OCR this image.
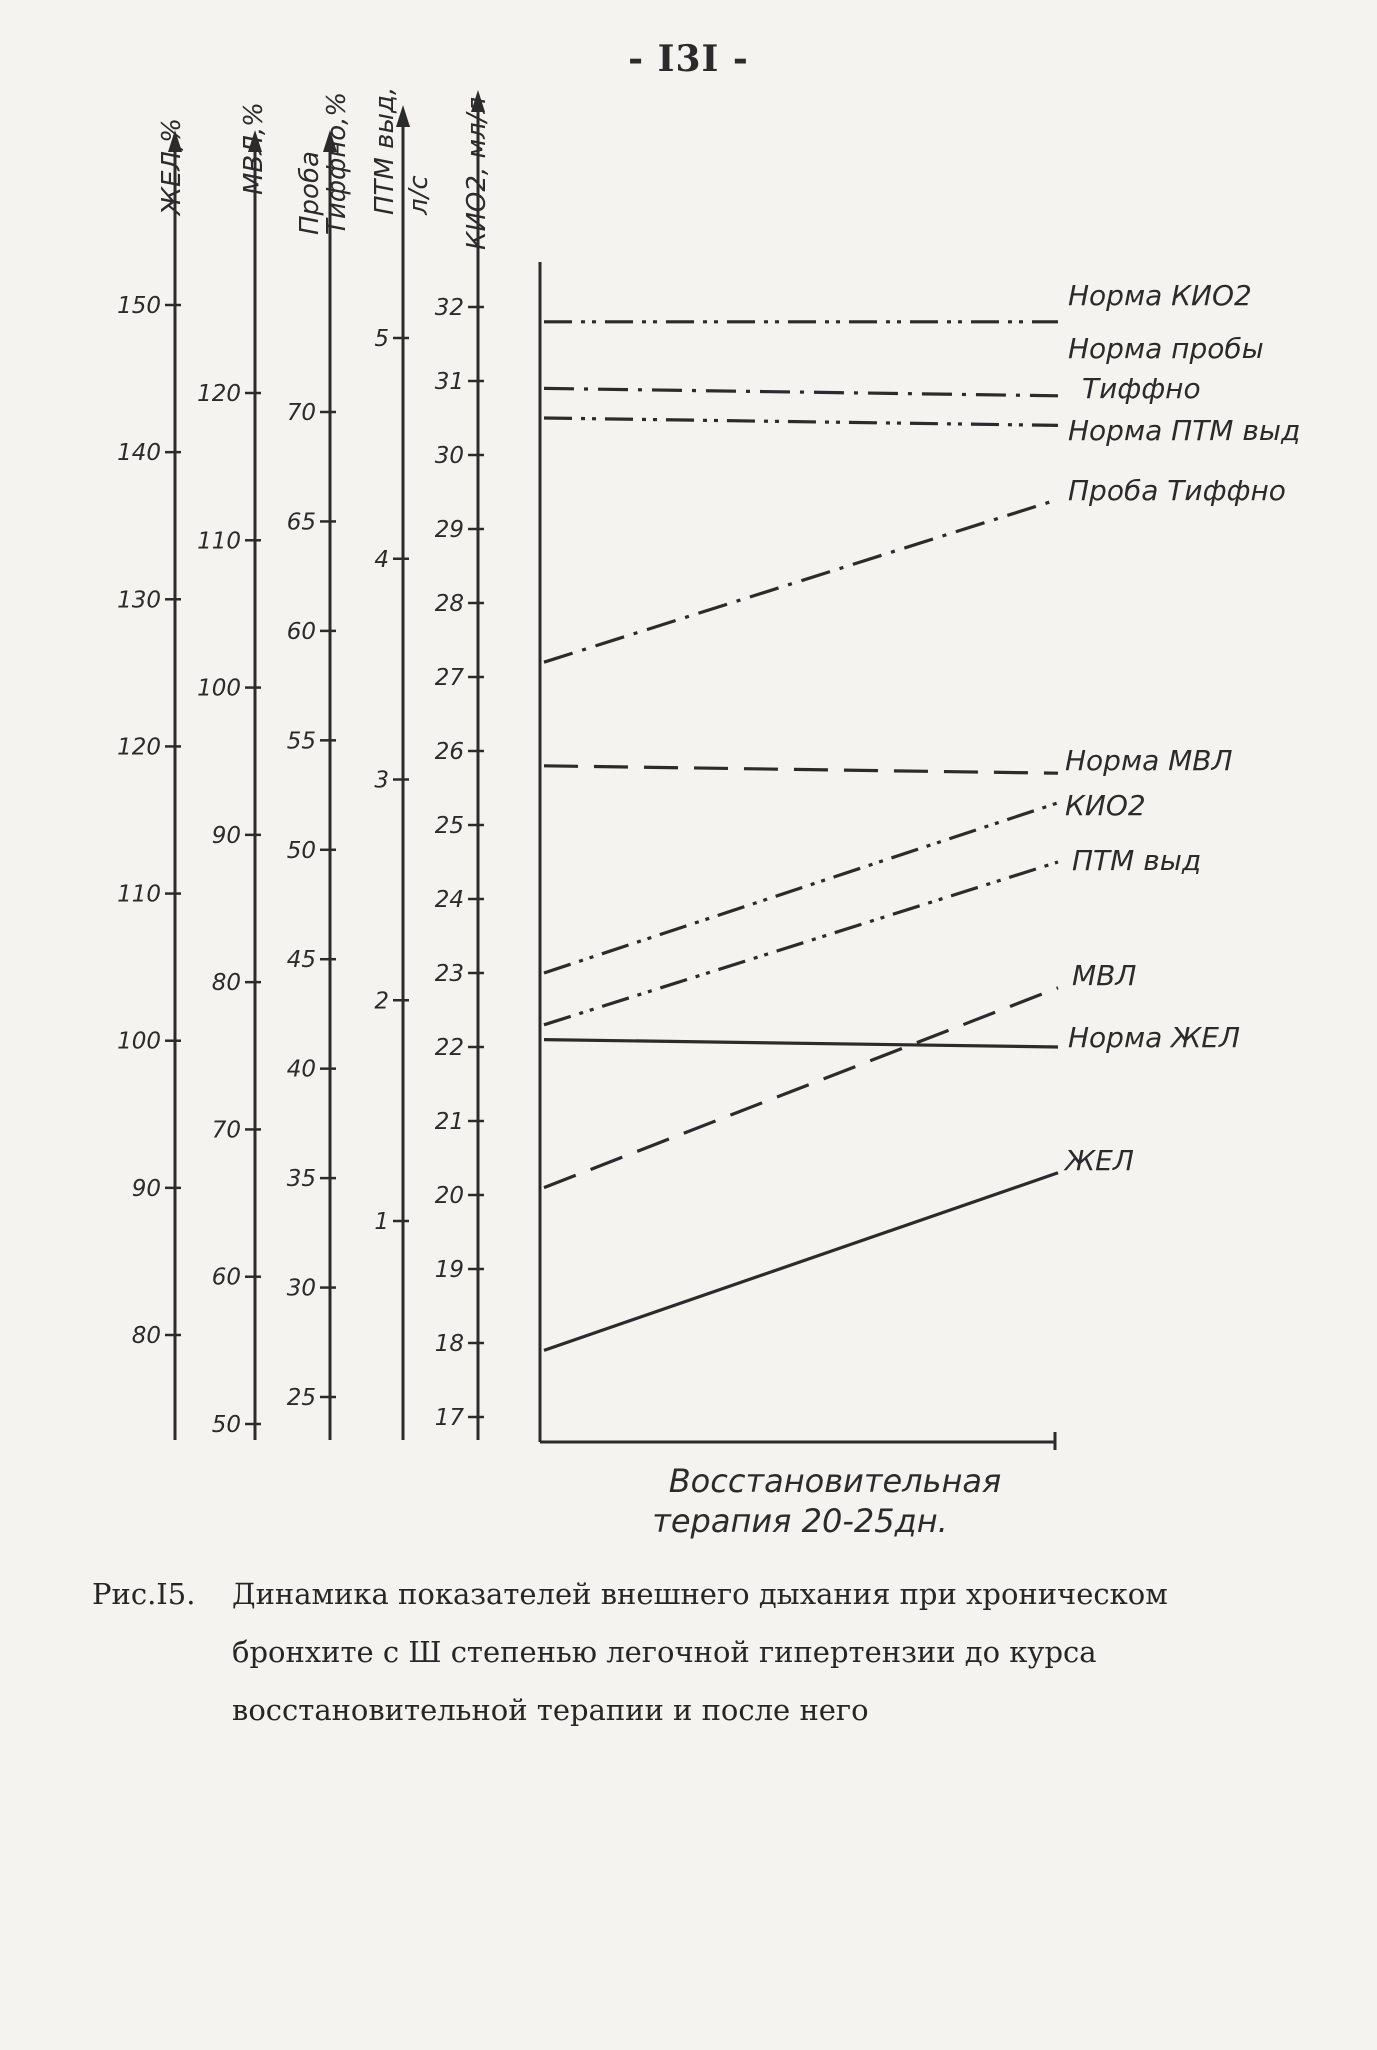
- I3I -
80
90
100
110
120
130
140
150
ЖЕЛ,%
50
60
70
80
90
100
110
120
МВЛ,%
25
30
35
40
45
50
55
60
65
70
Проба
Тиффно,%
1
2
3
4
5
ПТМ выд, л/с
17
18
19
20
21
22
23
24
25
26
27
28
29
30
31
32
КИО2, мл/л
Восстановительная
терапия 20-25дн.
Норма КИО2
Норма пробы
Тиффно
Норма ПТМ выд
Проба Тиффно
Норма МВЛ
КИО2
ПТМ выд
МВЛ
Норма ЖЕЛ
ЖЕЛ
Рис.I5. Динамика показателей внешнего дыхания при хроническом
бронхите с Ш степенью легочной гипертензии до курса
восстановительной терапии и после него
